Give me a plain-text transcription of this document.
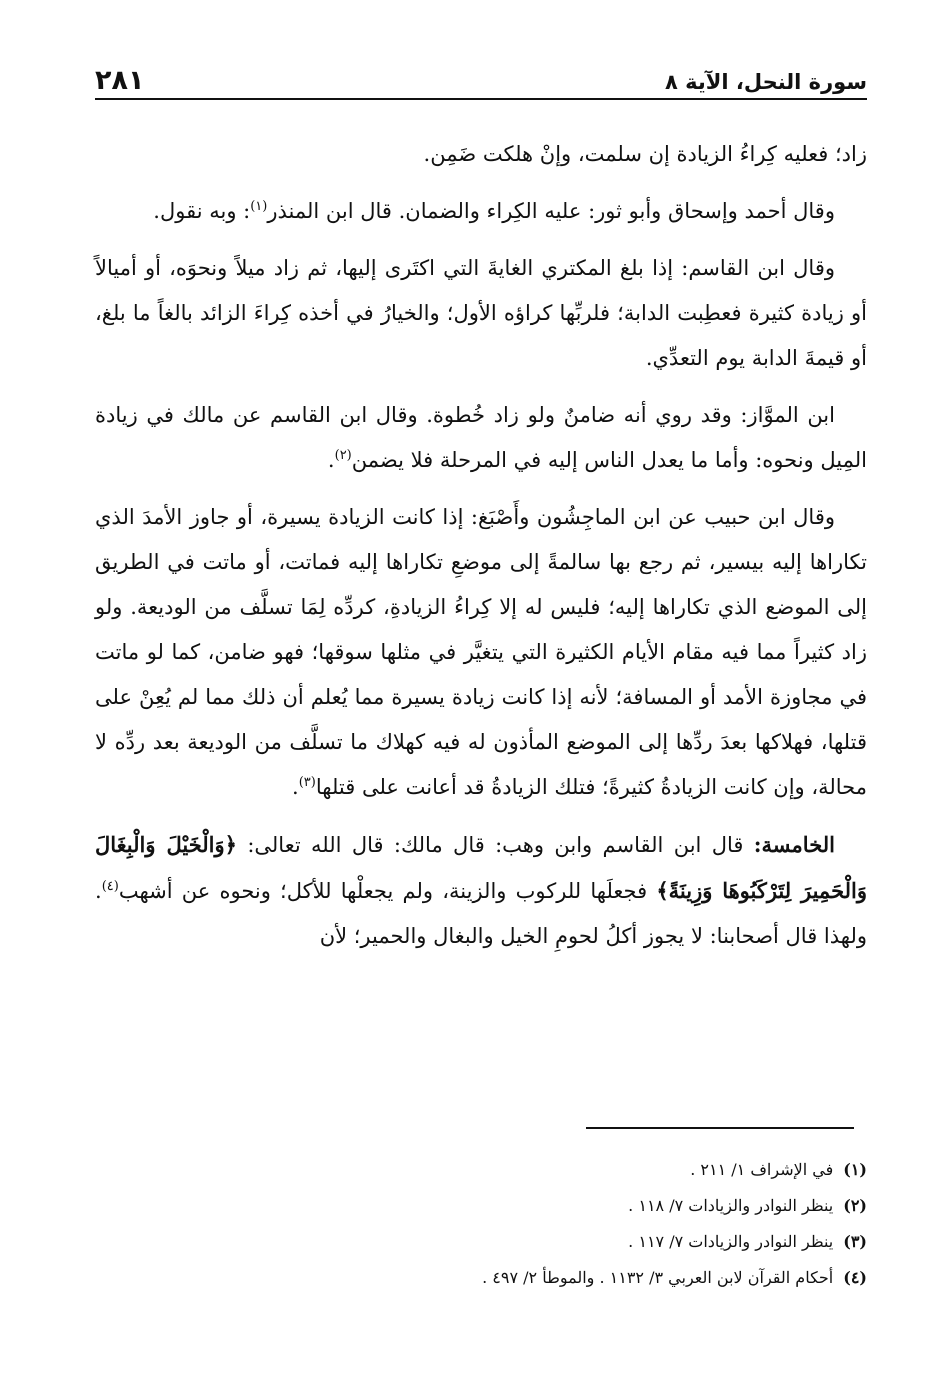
سورة النحل، الآية ٨
٢٨١

زاد؛ فعليه كِراءُ الزيادة إن سلمت، وإنْ هلكت ضَمِن.

وقال أحمد وإسحاق وأبو ثور: عليه الكِراء والضمان. قال ابن المنذر$^{(١)}$: وبه نقول.

وقال ابن القاسم: إذا بلغ المكتري الغايةَ التي اكتَرى إليها، ثم زاد ميلاً ونحوَه، أو أميالاً أو زيادة كثيرة فعطِبت الدابة؛ فلربِّها كراؤه الأول؛ والخيارُ في أخذه كِراءَ الزائد بالغاً ما بلغ، أو قيمةَ الدابة يوم التعدِّي.

ابن الموَّاز: وقد روي أنه ضامنٌ ولو زاد خُطوة. وقال ابن القاسم عن مالك في زيادة المِيل ونحوه: وأما ما يعدل الناس إليه في المرحلة فلا يضمن$^{(٢)}$.

وقال ابن حبيب عن ابن الماجِشُون وأَصْبَغ: إذا كانت الزيادة يسيرة، أو جاوز الأمدَ الذي تكاراها إليه بيسير، ثم رجع بها سالمةً إلى موضعِ تكاراها إليه فماتت، أو ماتت في الطريق إلى الموضع الذي تكاراها إليه؛ فليس له إلا كِراءُ الزيادةِ، كردِّه لِمَا تسلَّف من الوديعة. ولو زاد كثيراً مما فيه مقام الأيام الكثيرة التي يتغيَّر في مثلها سوقها؛ فهو ضامن، كما لو ماتت في مجاوزة الأمد أو المسافة؛ لأنه إذا كانت زيادة يسيرة مما يُعلم أن ذلك مما لم يُعِنْ على قتلها، فهلاكها بعدَ ردِّها إلى الموضع المأذون له فيه كهلاك ما تسلَّف من الوديعة بعد ردِّه لا محالة، وإن كانت الزيادةُ كثيرةً؛ فتلك الزيادةُ قد أعانت على قتلها$^{(٣)}$.

الخامسة: قال ابن القاسم وابن وهب: قال مالك: قال الله تعالى: ﴿وَالْخَيْلَ وَالْبِغَالَ وَالْحَمِيرَ لِتَرْكَبُوهَا وَزِينَةً﴾ فجعلَها للركوب والزينة، ولم يجعلْها للأكل؛ ونحوه عن أشهب$^{(٤)}$. ولهذا قال أصحابنا: لا يجوز أكلُ لحومِ الخيل والبغال والحمير؛ لأن

(١)
في الإشراف ١/ ٢١١ .
(٢)
ينظر النوادر والزيادات ٧/ ١١٨ .
(٣)
ينظر النوادر والزيادات ٧/ ١١٧ .
(٤)
أحكام القرآن لابن العربي ٣/ ١١٣٢ . والموطأ ٢/ ٤٩٧ .
